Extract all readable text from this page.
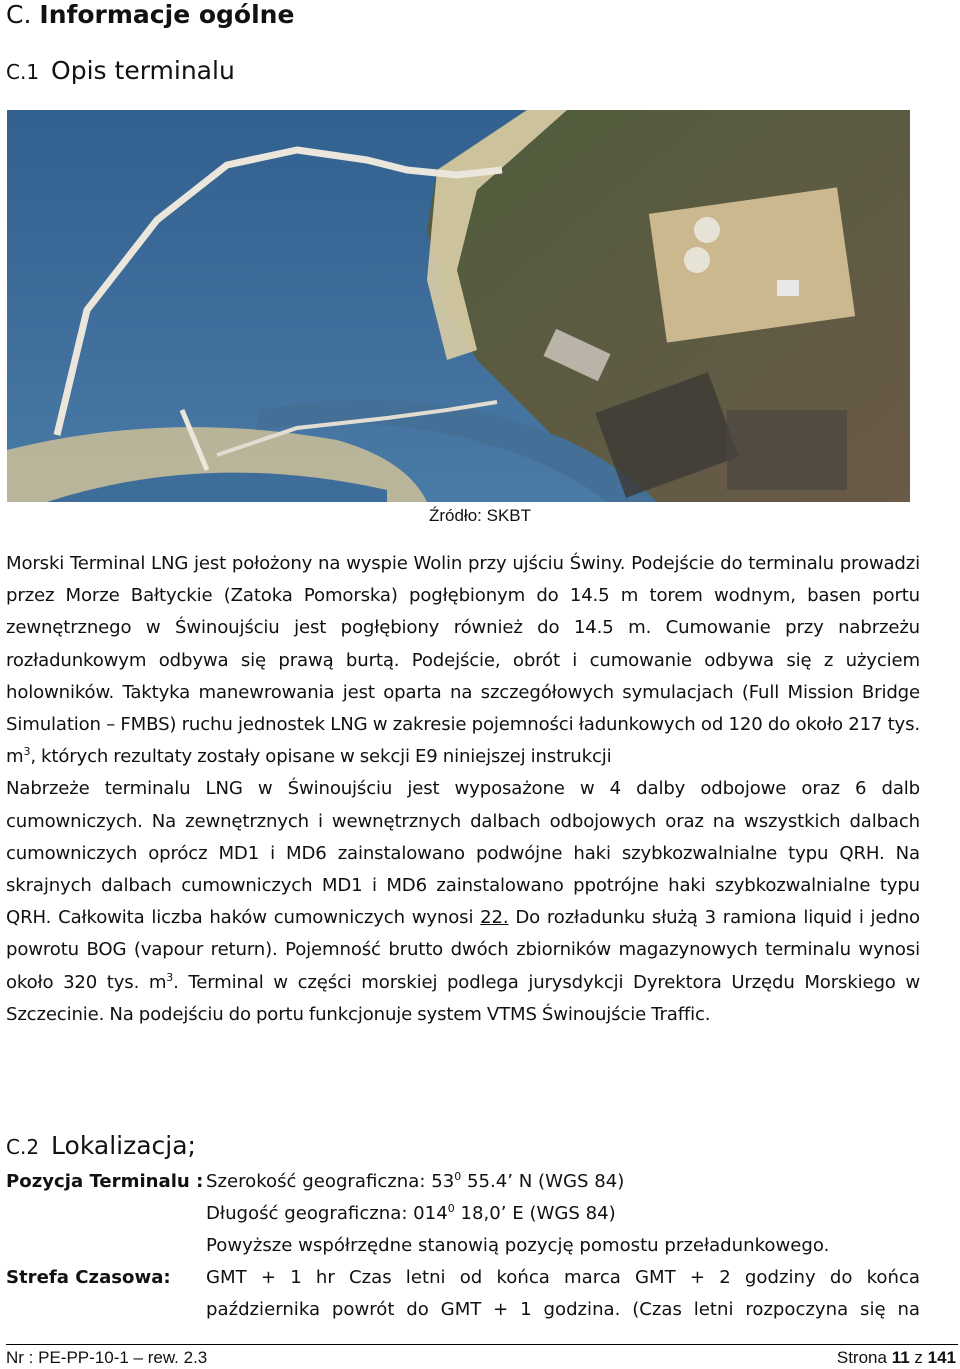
C. Informacje ogólne
C.1 Opis terminalu
Źródło: SKBT

Morski Terminal LNG jest położony na wyspie Wolin przy ujściu Świny. Podejście do terminalu prowadzi przez Morze Bałtyckie (Zatoka Pomorska) pogłębionym do 14.5 m torem wodnym, basen portu zewnętrznego w Świnoujściu jest pogłębiony również do 14.5 m. Cumowanie przy nabrzeżu rozładunkowym odbywa się prawą burtą. Podejście, obrót i cumowanie odbywa się z użyciem holowników. Taktyka manewrowania jest oparta na szczegółowych symulacjach (Full Mission Bridge Simulation – FMBS) ruchu jednostek LNG w zakresie pojemności ładunkowych od 120 do około 217 tys. $m^3$, których rezultaty zostały opisane w sekcji E9 niniejszej instrukcji

Nabrzeże terminalu LNG w Świnoujściu jest wyposażone w 4 dalby odbojowe oraz 6 dalb cumowniczych. Na zewnętrznych i wewnętrznych dalbach odbojowych oraz na wszystkich dalbach cumowniczych oprócz MD1 i MD6 zainstalowano podwójne haki szybkozwalnialne typu QRH. Na skrajnych dalbach cumowniczych MD1 i MD6 zainstalowano ppotrójne haki szybkozwalnialne typu QRH. Całkowita liczba haków cumowniczych wynosi 22. Do rozładunku służą 3 ramiona liquid i jedno powrotu BOG (vapour return). Pojemność brutto dwóch zbiorników magazynowych terminalu wynosi około 320 tys. $m^3$. Terminal w części morskiej podlega jurysdykcji Dyrektora Urzędu Morskiego w Szczecinie. Na podejściu do portu funkcjonuje system VTMS Świnoujście Traffic.

C.2 Lokalizacja;
Pozycja Terminalu : Szerokość geograficzna: $53^0$ 55.4’ N (WGS 84)
Długość geograficzna: $014^0$ 18,0’ E (WGS 84)
Powyższe współrzędne stanowią pozycję pomostu przeładunkowego.
Strefa Czasowa: GMT + 1 hr Czas letni od końca marca GMT + 2 godziny do końca
października powrót do GMT + 1 godzina. (Czas letni rozpoczyna się na
Nr : PE-PP-10-1 – rew. 2.3	Strona 11 z 141
